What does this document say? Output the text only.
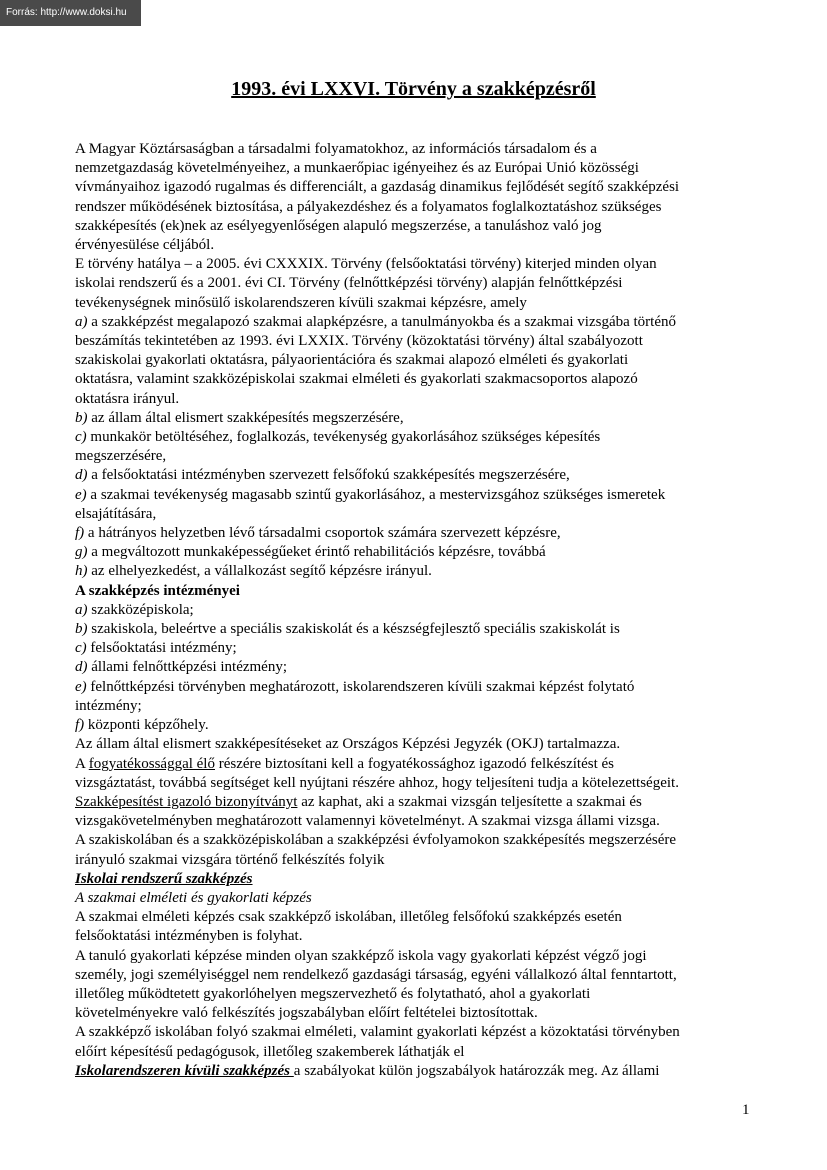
Forrás: http://www.doksi.hu
1993. évi LXXVI. Törvény a szakképzésről

A Magyar Köztársaságban a társadalmi folyamatokhoz, az információs társadalom és a

nemzetgazdaság követelményeihez, a munkaerőpiac igényeihez és az Európai Unió közösségi

vívmányaihoz igazodó rugalmas és differenciált, a gazdaság dinamikus fejlődését segítő szakképzési

rendszer működésének biztosítása, a pályakezdéshez és a folyamatos foglalkoztatáshoz szükséges

szakképesítés (ek)nek az esélyegyenlőségen alapuló megszerzése, a tanuláshoz való jog

érvényesülése céljából.

E törvény hatálya – a 2005. évi CXXXIX. Törvény (felsőoktatási törvény) kiterjed minden olyan

iskolai rendszerű és a 2001. évi CI. Törvény (felnőttképzési törvény) alapján felnőttképzési

tevékenységnek minősülő iskolarendszeren kívüli szakmai képzésre, amely

a) a szakképzést megalapozó szakmai alapképzésre, a tanulmányokba és a szakmai vizsgába történő

beszámítás tekintetében az 1993. évi LXXIX. Törvény (közoktatási törvény) által szabályozott

szakiskolai gyakorlati oktatásra, pályaorientációra és szakmai alapozó elméleti és gyakorlati

oktatásra, valamint szakközépiskolai szakmai elméleti és gyakorlati szakmacsoportos alapozó

oktatásra irányul.

b) az állam által elismert szakképesítés megszerzésére,

c) munkakör betöltéséhez, foglalkozás, tevékenység gyakorlásához szükséges képesítés

megszerzésére,

d) a felsőoktatási intézményben szervezett felsőfokú szakképesítés megszerzésére,

e) a szakmai tevékenység magasabb szintű gyakorlásához, a mestervizsgához szükséges ismeretek

elsajátítására,

f) a hátrányos helyzetben lévő társadalmi csoportok számára szervezett képzésre,

g) a megváltozott munkaképességűeket érintő rehabilitációs képzésre, továbbá

h) az elhelyezkedést, a vállalkozást segítő képzésre irányul.

A szakképzés intézményei

a) szakközépiskola;

b) szakiskola, beleértve a speciális szakiskolát és a készségfejlesztő speciális szakiskolát is

c) felsőoktatási intézmény;

d) állami felnőttképzési intézmény;

e) felnőttképzési törvényben meghatározott, iskolarendszeren kívüli szakmai képzést folytató

intézmény;

f) központi képzőhely.

Az állam által elismert szakképesítéseket az Országos Képzési Jegyzék (OKJ) tartalmazza.

A fogyatékossággal élő részére biztosítani kell a fogyatékossághoz igazodó felkészítést és

vizsgáztatást, továbbá segítséget kell nyújtani részére ahhoz, hogy teljesíteni tudja a kötelezettségeit.

Szakképesítést igazoló bizonyítványt az kaphat, aki a szakmai vizsgán teljesítette a szakmai és

vizsgakövetelményben meghatározott valamennyi követelményt. A szakmai vizsga állami vizsga.

A szakiskolában és a szakközépiskolában a szakképzési évfolyamokon szakképesítés megszerzésére

irányuló szakmai vizsgára történő felkészítés folyik

Iskolai rendszerű szakképzés

A szakmai elméleti és gyakorlati képzés

A szakmai elméleti képzés csak szakképző iskolában, illetőleg felsőfokú szakképzés esetén

felsőoktatási intézményben is folyhat.

A tanuló gyakorlati képzése minden olyan szakképző iskola vagy gyakorlati képzést végző jogi

személy, jogi személyiséggel nem rendelkező gazdasági társaság, egyéni vállalkozó által fenntartott,

illetőleg működtetett gyakorlóhelyen megszervezhető és folytatható, ahol a gyakorlati

követelményekre való felkészítés jogszabályban előírt feltételei biztosítottak.

A szakképző iskolában folyó szakmai elméleti, valamint gyakorlati képzést a közoktatási törvényben

előírt képesítésű pedagógusok, illetőleg szakemberek láthatják el

Iskolarendszeren kívüli szakképzés a szabályokat külön jogszabályok határozzák meg. Az állami

1
